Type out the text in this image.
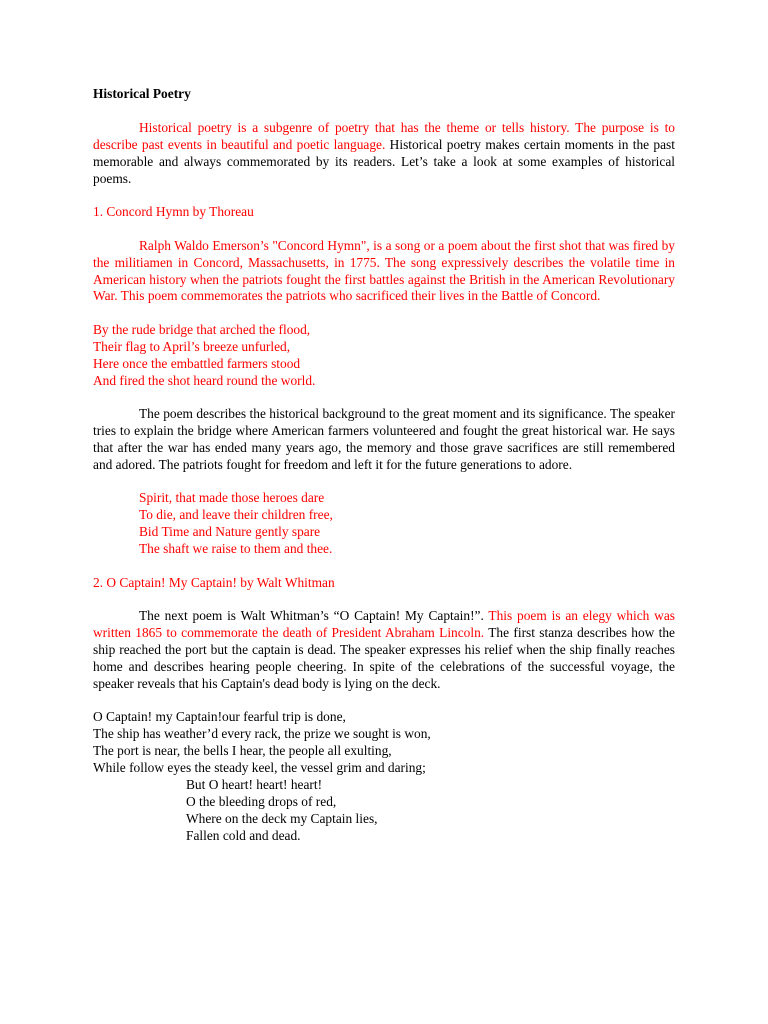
Historical Poetry

Historical poetry is a subgenre of poetry that has the theme or tells history. The purpose is to describe past events in beautiful and poetic language. Historical poetry makes certain moments in the past memorable and always commemorated by its readers. Let’s take a look at some examples of historical poems.

1. Concord Hymn by Thoreau

Ralph Waldo Emerson’s "Concord Hymn", is a song or a poem about the first shot that was fired by the militiamen in Concord, Massachusetts, in 1775. The song expressively describes the volatile time in American history when the patriots fought the first battles against the British in the American Revolutionary War. This poem commemorates the patriots who sacrificed their lives in the Battle of Concord.

By the rude bridge that arched the flood,
Their flag to April’s breeze unfurled,
Here once the embattled farmers stood
And fired the shot heard round the world.

The poem describes the historical background to the great moment and its significance. The speaker tries to explain the bridge where American farmers volunteered and fought the great historical war. He says that after the war has ended many years ago, the memory and those grave sacrifices are still remembered and adored. The patriots fought for freedom and left it for the future generations to adore.

Spirit, that made those heroes dare
To die, and leave their children free,
Bid Time and Nature gently spare
The shaft we raise to them and thee.

2. O Captain! My Captain! by Walt Whitman

The next poem is Walt Whitman’s “O Captain! My Captain!”. This poem is an elegy which was written 1865 to commemorate the death of President Abraham Lincoln. The first stanza describes how the ship reached the port but the captain is dead. The speaker expresses his relief when the ship finally reaches home and describes hearing people cheering. In spite of the celebrations of the successful voyage, the speaker reveals that his Captain's dead body is lying on the deck.

O Captain! my Captain!our fearful trip is done,
The ship has weather’d every rack, the prize we sought is won,
The port is near, the bells I hear, the people all exulting,
While follow eyes the steady keel, the vessel grim and daring;
But O heart! heart! heart!
O the bleeding drops of red,
Where on the deck my Captain lies,
Fallen cold and dead.
